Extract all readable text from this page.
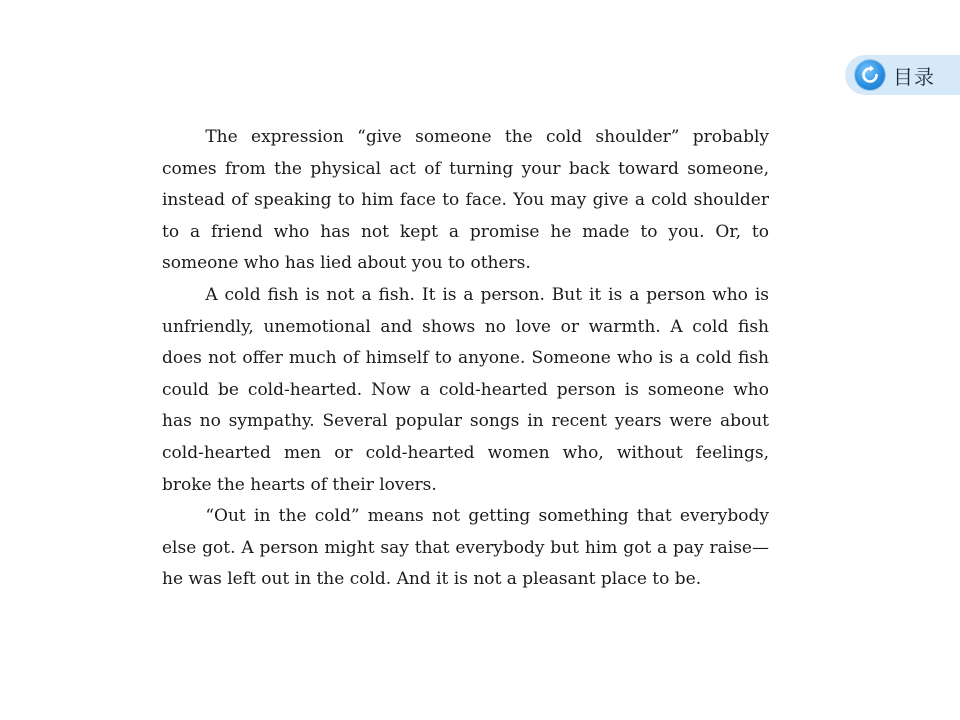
目录

The expression “give someone the cold shoulder” probably comes from the physical act of turning your back toward someone, instead of speaking to him face to face. You may give a cold shoulder to a friend who has not kept a promise he made to you. Or, to someone who has lied about you to others.

A cold fish is not a fish. It is a person. But it is a person who is unfriendly, unemotional and shows no love or warmth. A cold fish does not offer much of himself to anyone. Someone who is a cold fish could be cold-hearted. Now a cold-hearted person is someone who has no sympathy. Several popular songs in recent years were about cold-hearted men or cold-hearted women who, without feelings, broke the hearts of their lovers.

“Out in the cold” means not getting something that everybody else got. A person might say that everybody but him got a pay raise—he was left out in the cold. And it is not a pleasant place to be.
